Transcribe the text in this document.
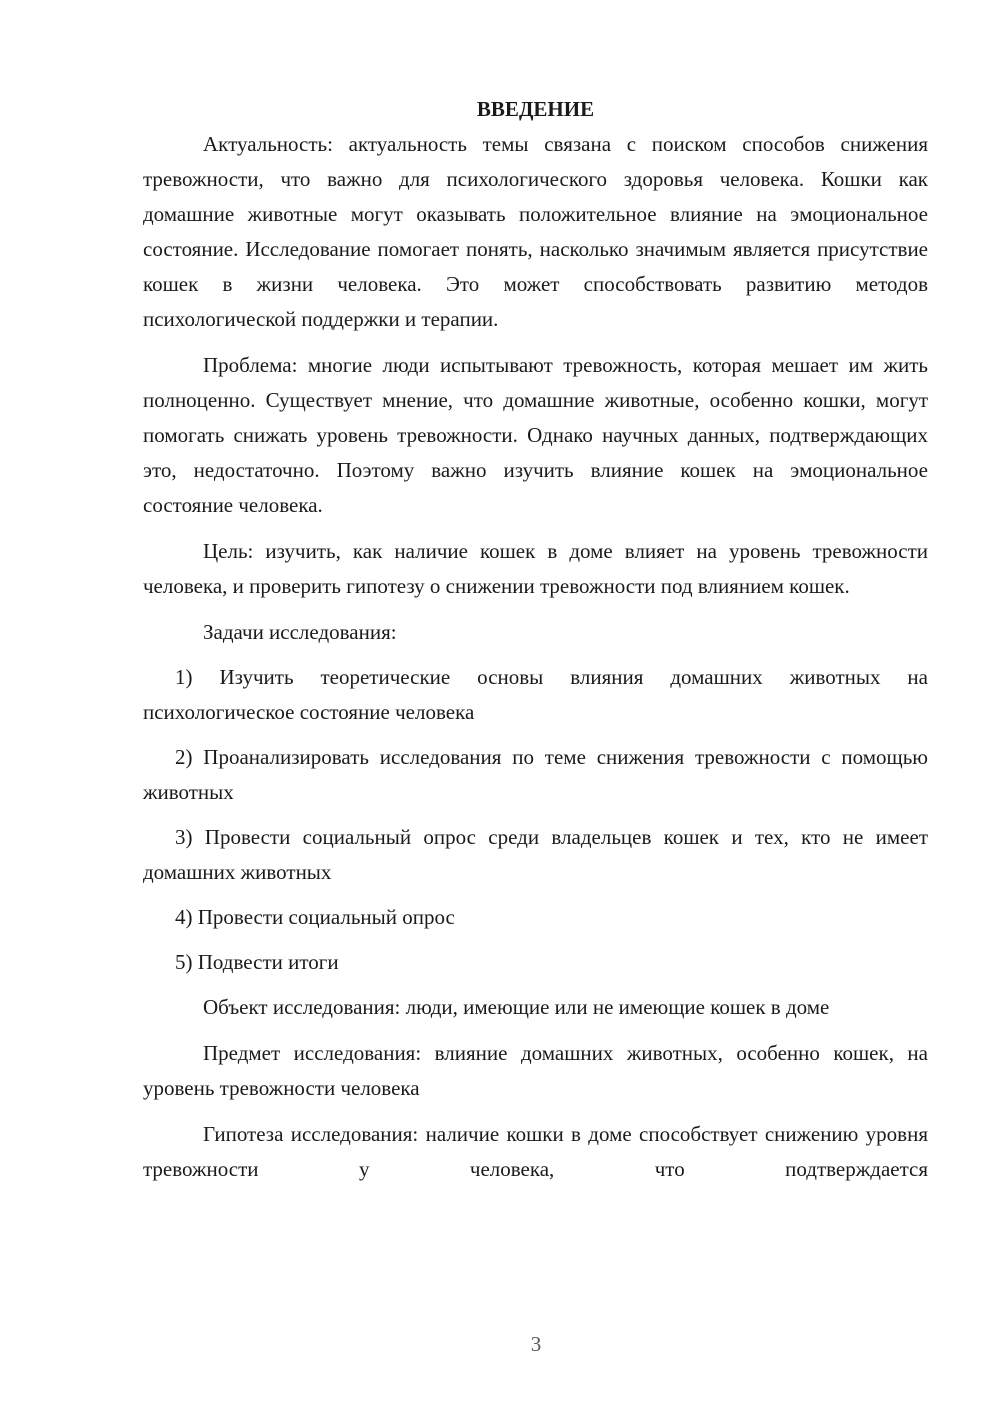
ВВЕДЕНИЕ

Актуальность: актуальность темы связана с поиском способов снижения тревожности, что важно для психологического здоровья человека. Кошки как домашние животные могут оказывать положительное влияние на эмоциональное состояние. Исследование помогает понять, насколько значимым является присутствие кошек в жизни человека. Это может способствовать развитию методов психологической поддержки и терапии.

Проблема: многие люди испытывают тревожность, которая мешает им жить полноценно. Существует мнение, что домашние животные, особенно кошки, могут помогать снижать уровень тревожности. Однако научных данных, подтверждающих это, недостаточно. Поэтому важно изучить влияние кошек на эмоциональное состояние человека.

Цель: изучить, как наличие кошек в доме влияет на уровень тревожности человека, и проверить гипотезу о снижении тревожности под влиянием кошек.

Задачи исследования:

1) Изучить теоретические основы влияния домашних животных на психологическое состояние человека

2) Проанализировать исследования по теме снижения тревожности с помощью животных

3) Провести социальный опрос среди владельцев кошек и тех, кто не имеет домашних животных

4) Провести социальный опрос

5) Подвести итоги

Объект исследования: люди, имеющие или не имеющие кошек в доме

Предмет исследования: влияние домашних животных, особенно кошек, на уровень тревожности человека

Гипотеза исследования: наличие кошки в доме способствует снижению уровня тревожности у человека, что подтверждается

3
